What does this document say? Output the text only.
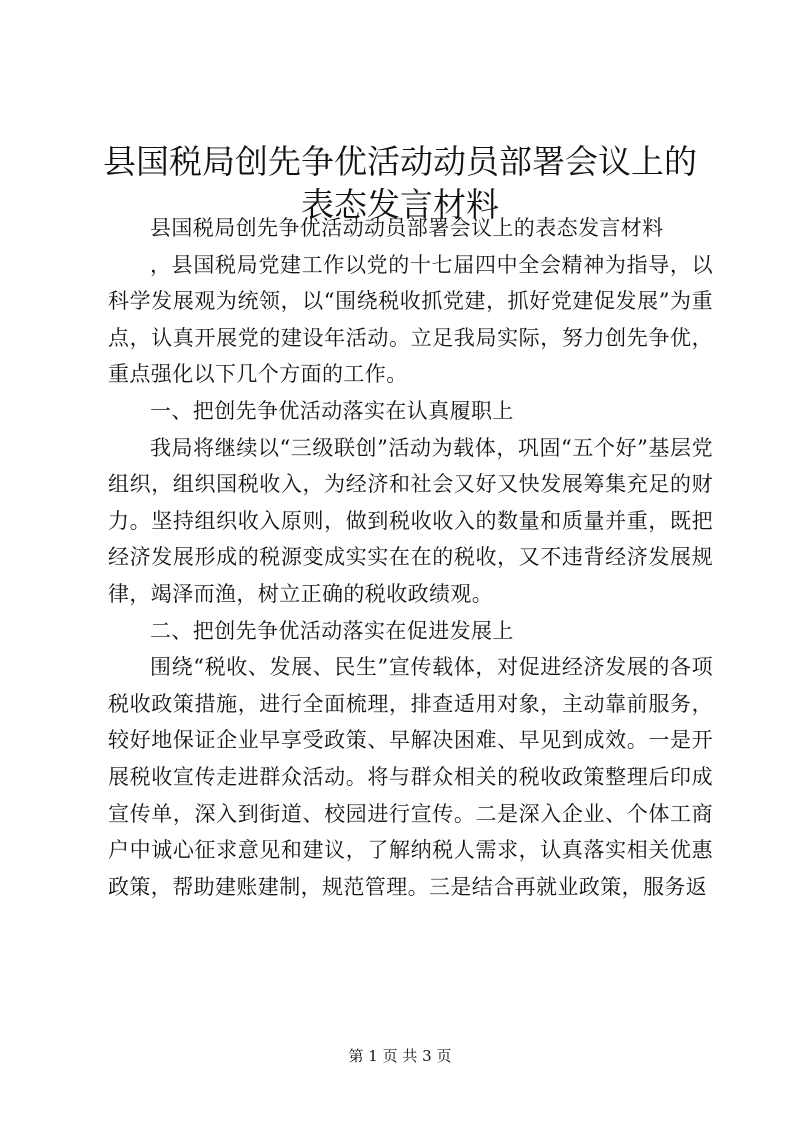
县国税局创先争优活动动员部署会议上的表态发言材料

县国税局创先争优活动动员部署会议上的表态发言材料

，县国税局党建工作以党的十七届四中全会精神为指导，以科学发展观为统领，以“围绕税收抓党建，抓好党建促发展”为重点，认真开展党的建设年活动。立足我局实际，努力创先争优，重点强化以下几个方面的工作。

一、把创先争优活动落实在认真履职上

我局将继续以“三级联创”活动为载体，巩固“五个好”基层党组织，组织国税收入，为经济和社会又好又快发展筹集充足的财力。坚持组织收入原则，做到税收收入的数量和质量并重，既把经济发展形成的税源变成实实在在的税收，又不违背经济发展规律，竭泽而渔，树立正确的税收政绩观。

二、把创先争优活动落实在促进发展上

围绕“税收、发展、民生”宣传载体，对促进经济发展的各项税收政策措施，进行全面梳理，排查适用对象，主动靠前服务，较好地保证企业早享受政策、早解决困难、早见到成效。一是开展税收宣传走进群众活动。将与群众相关的税收政策整理后印成宣传单，深入到街道、校园进行宣传。二是深入企业、个体工商户中诚心征求意见和建议，了解纳税人需求，认真落实相关优惠政策，帮助建账建制，规范管理。三是结合再就业政策，服务返

第 1 页 共 3 页
